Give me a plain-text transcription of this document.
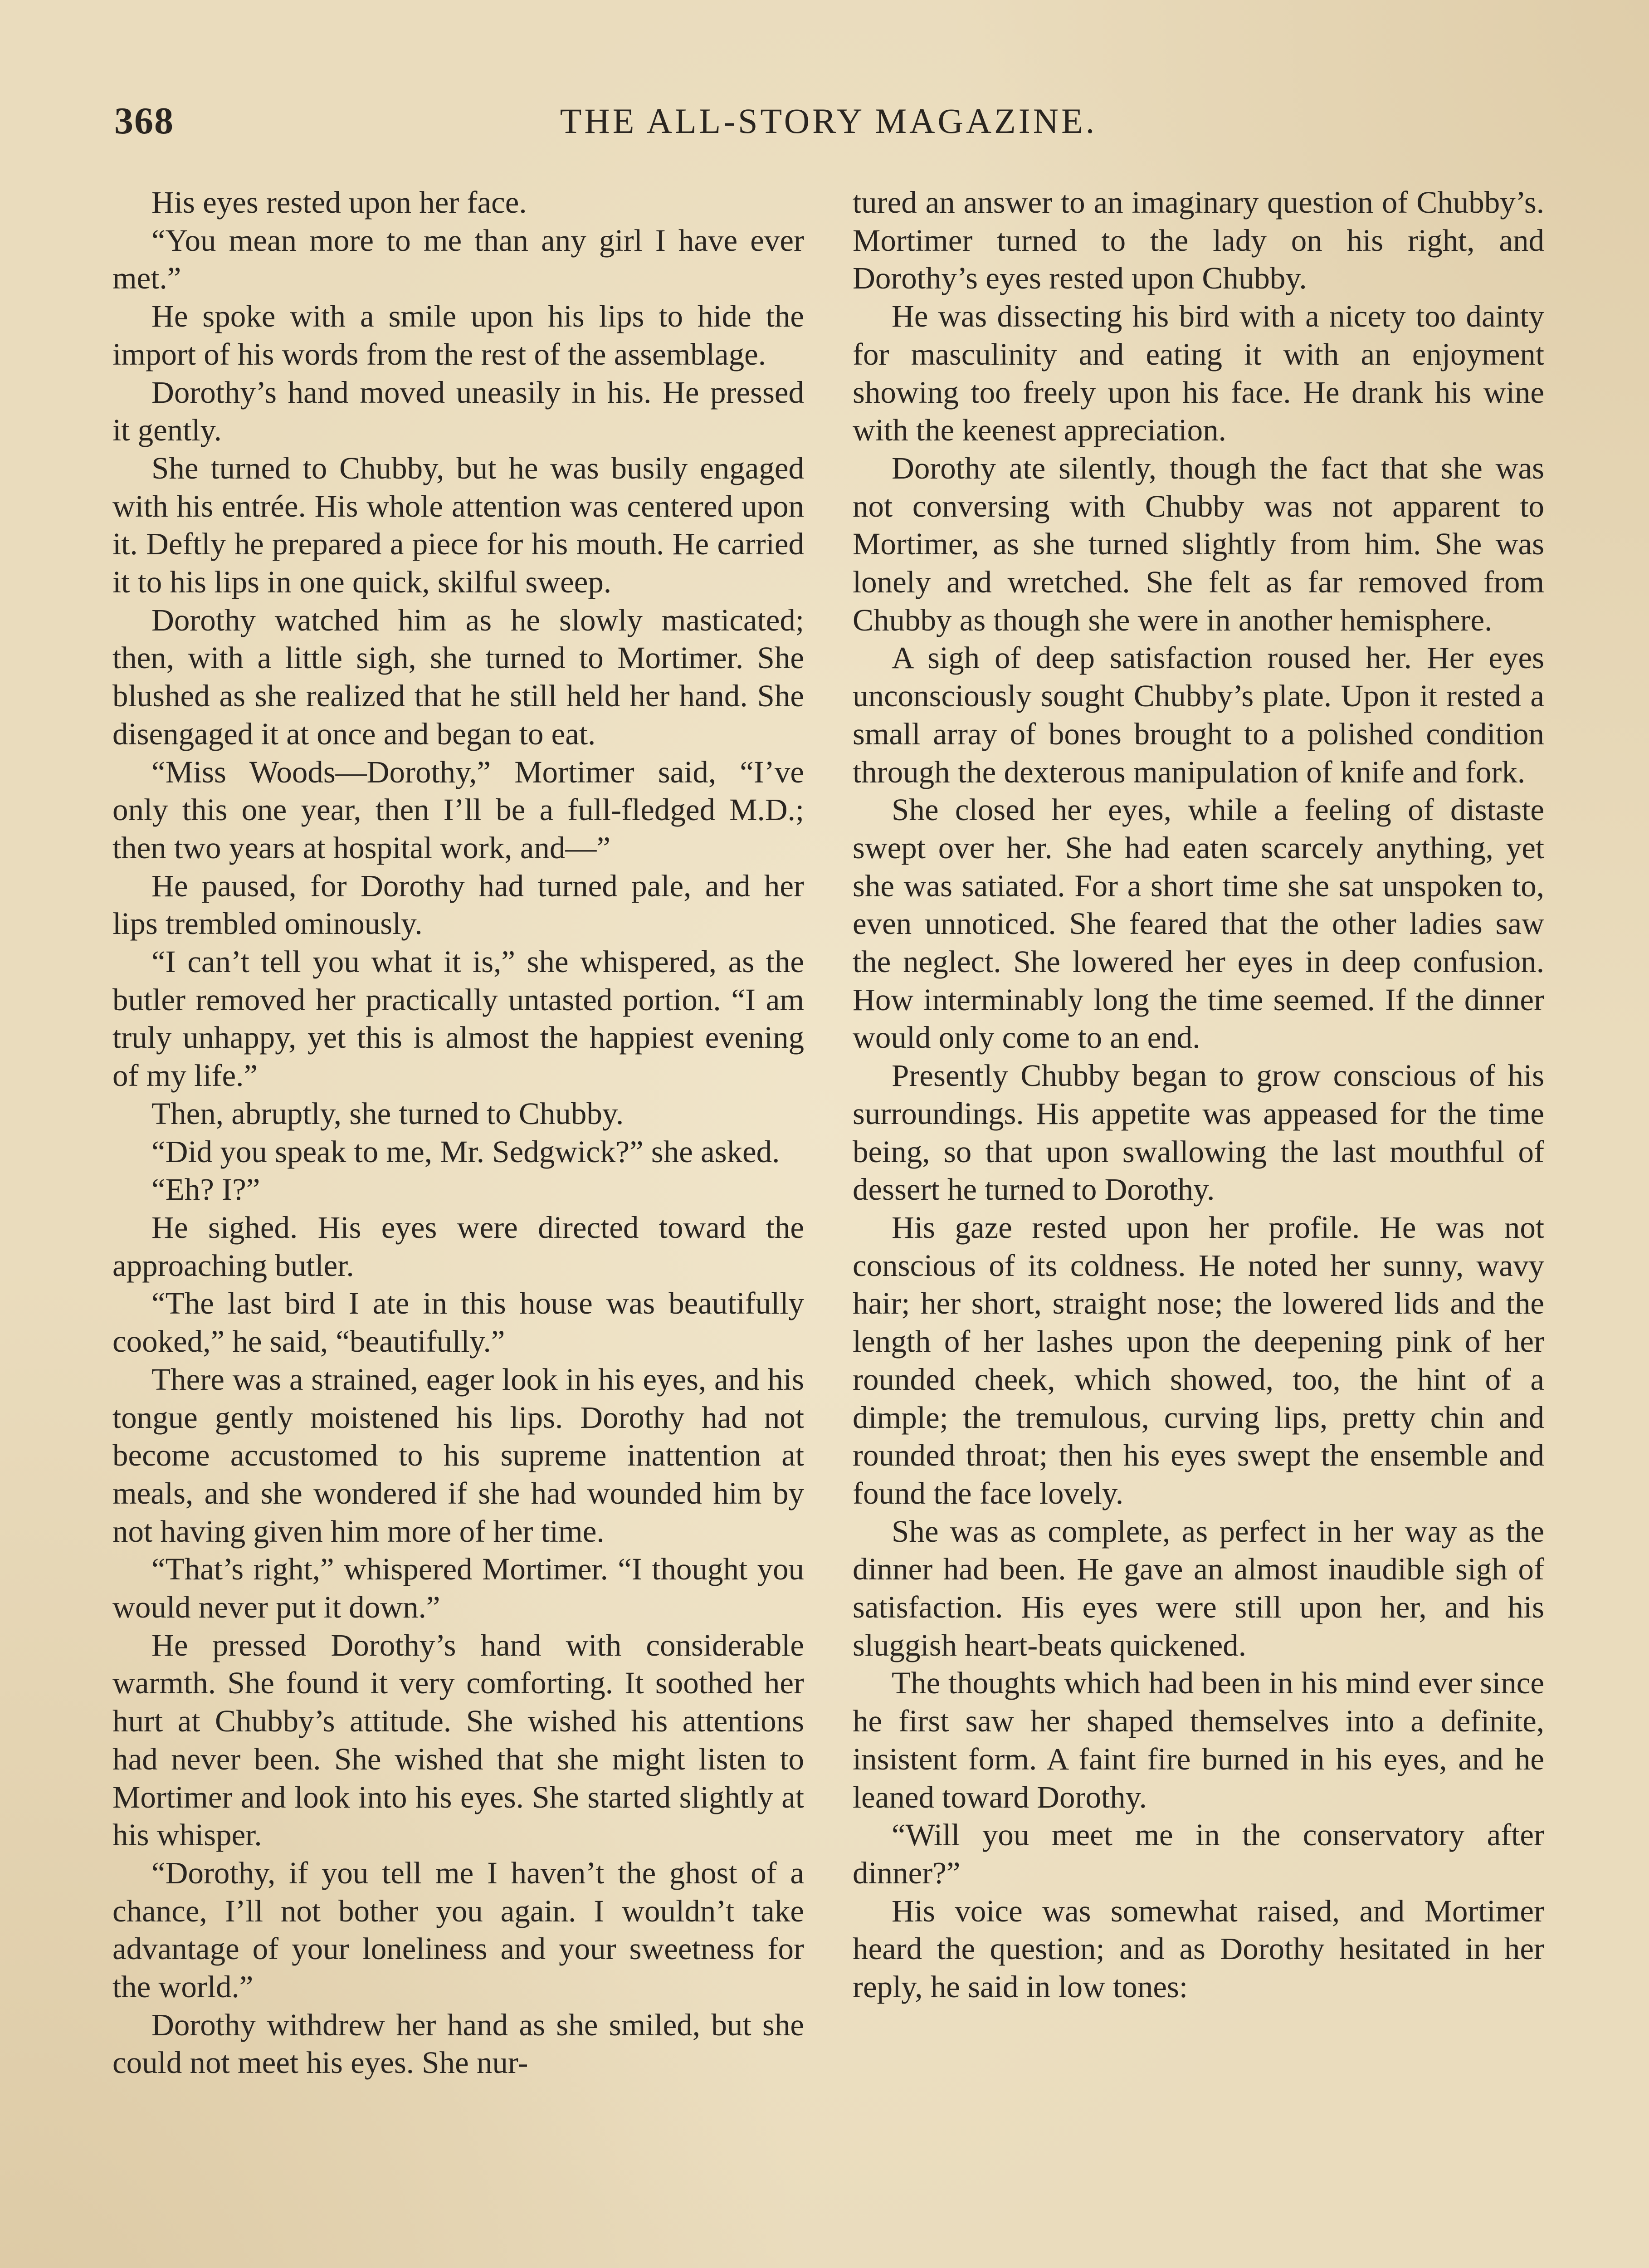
368	THE ALL-STORY MAGAZINE.

His eyes rested upon her face.

“You mean more to me than any girl I have ever met.”

He spoke with a smile upon his lips to hide the import of his words from the rest of the assemblage.

Dorothy’s hand moved uneasily in his. He pressed it gently.

She turned to Chubby, but he was busily engaged with his entrée. His whole attention was centered upon it. Deftly he prepared a piece for his mouth. He carried it to his lips in one quick, skilful sweep.

Dorothy watched him as he slowly masticated; then, with a little sigh, she turned to Mortimer. She blushed as she realized that he still held her hand. She disengaged it at once and began to eat.

“Miss Woods—Dorothy,” Mortimer said, “I’ve only this one year, then I’ll be a full-fledged M.D.; then two years at hospital work, and—”

He paused, for Dorothy had turned pale, and her lips trembled ominously.

“I can’t tell you what it is,” she whispered, as the butler removed her practically untasted portion. “I am truly unhappy, yet this is almost the happiest evening of my life.”

Then, abruptly, she turned to Chubby.

“Did you speak to me, Mr. Sedgwick?” she asked.

“Eh? I?”

He sighed. His eyes were directed toward the approaching butler.

“The last bird I ate in this house was beautifully cooked,” he said, “beautifully.”

There was a strained, eager look in his eyes, and his tongue gently moistened his lips. Dorothy had not become accustomed to his supreme inattention at meals, and she wondered if she had wounded him by not having given him more of her time.

“That’s right,” whispered Mortimer. “I thought you would never put it down.”

He pressed Dorothy’s hand with considerable warmth. She found it very comforting. It soothed her hurt at Chubby’s attitude. She wished his attentions had never been. She wished that she might listen to Mortimer and look into his eyes. She started slightly at his whisper.

“Dorothy, if you tell me I haven’t the ghost of a chance, I’ll not bother you again. I wouldn’t take advantage of your loneliness and your sweetness for the world.”

Dorothy withdrew her hand as she smiled, but she could not meet his eyes. She nur-

tured an answer to an imaginary question of Chubby’s. Mortimer turned to the lady on his right, and Dorothy’s eyes rested upon Chubby.

He was dissecting his bird with a nicety too dainty for masculinity and eating it with an enjoyment showing too freely upon his face. He drank his wine with the keenest appreciation.

Dorothy ate silently, though the fact that she was not conversing with Chubby was not apparent to Mortimer, as she turned slightly from him. She was lonely and wretched. She felt as far removed from Chubby as though she were in another hemisphere.

A sigh of deep satisfaction roused her. Her eyes unconsciously sought Chubby’s plate. Upon it rested a small array of bones brought to a polished condition through the dexterous manipulation of knife and fork.

She closed her eyes, while a feeling of distaste swept over her. She had eaten scarcely anything, yet she was satiated. For a short time she sat unspoken to, even unnoticed. She feared that the other ladies saw the neglect. She lowered her eyes in deep confusion. How interminably long the time seemed. If the dinner would only come to an end.

Presently Chubby began to grow conscious of his surroundings. His appetite was appeased for the time being, so that upon swallowing the last mouthful of dessert he turned to Dorothy.

His gaze rested upon her profile. He was not conscious of its coldness. He noted her sunny, wavy hair; her short, straight nose; the lowered lids and the length of her lashes upon the deepening pink of her rounded cheek, which showed, too, the hint of a dimple; the tremulous, curving lips, pretty chin and rounded throat; then his eyes swept the ensemble and found the face lovely.

She was as complete, as perfect in her way as the dinner had been. He gave an almost inaudible sigh of satisfaction. His eyes were still upon her, and his sluggish heart-beats quickened.

The thoughts which had been in his mind ever since he first saw her shaped themselves into a definite, insistent form. A faint fire burned in his eyes, and he leaned toward Dorothy.

“Will you meet me in the conservatory after dinner?”

His voice was somewhat raised, and Mortimer heard the question; and as Dorothy hesitated in her reply, he said in low tones:
